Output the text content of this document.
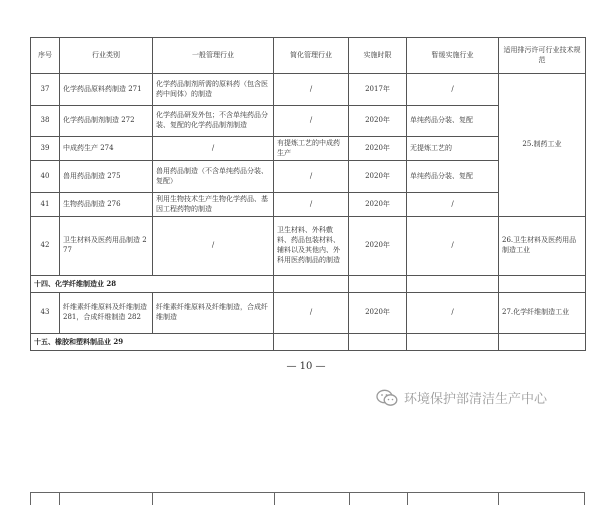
序号	行业类别	一般管理行业	简化管理行业	实施时限	暂缓实施行业	适用排污许可行业技术规范
37	化学药品原料药制造 271	化学药品制剂所需的原料药（包含医药中间体）的制造	/	2017年	/	25.制药工业
38	化学药品制剂制造 272	化学药品研发外包；不含单纯药品分装、复配的化学药品制剂制造	/	2020年	单纯药品分装、复配	
39	中成药生产 274	/	有提炼工艺的中成药生产	2020年	无提炼工艺的	
40	兽用药品制造 275	兽用药品制造（不含单纯药品分装、复配）	/	2020年	单纯药品分装、复配	
41	生物药品制造 276	利用生物技术生产生物化学药品、基因工程药物的制造	/	2020年	/	
42	卫生材料及医药用品制造 277	/	卫生材料、外科敷料、药品包装材料、辅料以及其他内、外科用医药制品的制造	2020年	/	26.卫生材料及医药用品制造工业
十四、化学纤维制造业 28						
43	纤维素纤维原料及纤维制造 281，合成纤维制造 282	纤维素纤维原料及纤维制造，合成纤维制造	/	2020年	/	27.化学纤维制造工业
十五、橡胶和塑料制品业 29						
— 10 —
环境保护部清洁生产中心
